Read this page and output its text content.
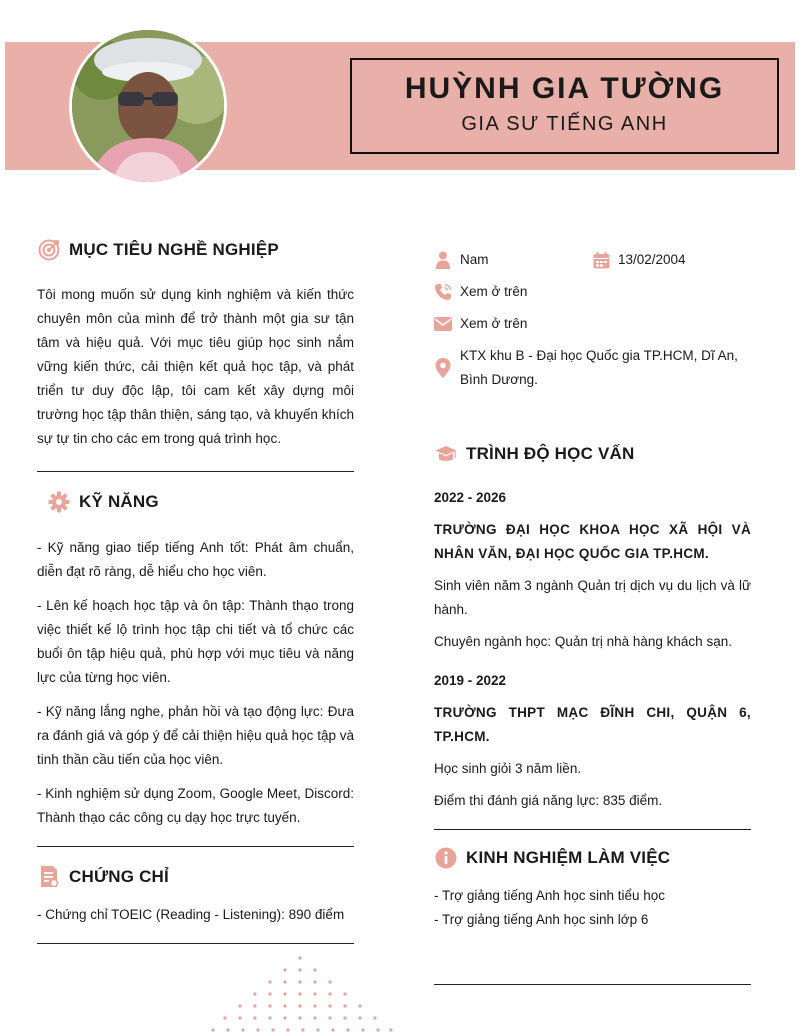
HUỲNH GIA TƯỜNG
GIA SƯ TIẾNG ANH
MỤC TIÊU NGHỀ NGHIỆP

Tôi mong muốn sử dụng kinh nghiệm và kiến thức chuyên môn của mình để trở thành một gia sư tận tâm và hiệu quả. Với mục tiêu giúp học sinh nắm vững kiến thức, cải thiện kết quả học tập, và phát triển tư duy độc lập, tôi cam kết xây dựng môi trường học tập thân thiện, sáng tạo, và khuyến khích sự tự tin cho các em trong quá trình học.

KỸ NĂNG

- Kỹ năng giao tiếp tiếng Anh tốt: Phát âm chuẩn, diễn đạt rõ ràng, dễ hiểu cho học viên.

- Lên kế hoạch học tập và ôn tập: Thành thạo trong việc thiết kế lộ trình học tập chi tiết và tổ chức các buổi ôn tập hiệu quả, phù hợp với mục tiêu và năng lực của từng học viên.

- Kỹ năng lắng nghe, phản hồi và tạo động lực: Đưa ra đánh giá và góp ý để cải thiện hiệu quả học tập và tinh thần cầu tiến của học viên.

- Kinh nghiệm sử dụng Zoom, Google Meet, Discord: Thành thạo các công cụ dạy học trực tuyến.

CHỨNG CHỈ

- Chứng chỉ TOEIC (Reading - Listening): 890 điểm

Nam	13/02/2004
Xem ở trên
Xem ở trên
KTX khu B - Đại học Quốc gia TP.HCM, Dĩ An, Bình Dương.
TRÌNH ĐỘ HỌC VẤN
2022 - 2026
TRƯỜNG ĐẠI HỌC KHOA HỌC XÃ HỘI VÀ NHÂN VĂN, ĐẠI HỌC QUỐC GIA TP.HCM.

Sinh viên năm 3 ngành Quản trị dịch vụ du lịch và lữ hành.

Chuyên ngành học: Quản trị nhà hàng khách sạn.

2019 - 2022
TRƯỜNG THPT MẠC ĐĨNH CHI, QUẬN 6, TP.HCM.

Học sinh giỏi 3 năm liền.

Điểm thi đánh giá năng lực: 835 điểm.

KINH NGHIỆM LÀM VIỆC
- Trợ giảng tiếng Anh học sinh tiểu học
- Trợ giảng tiếng Anh học sinh lớp 6
